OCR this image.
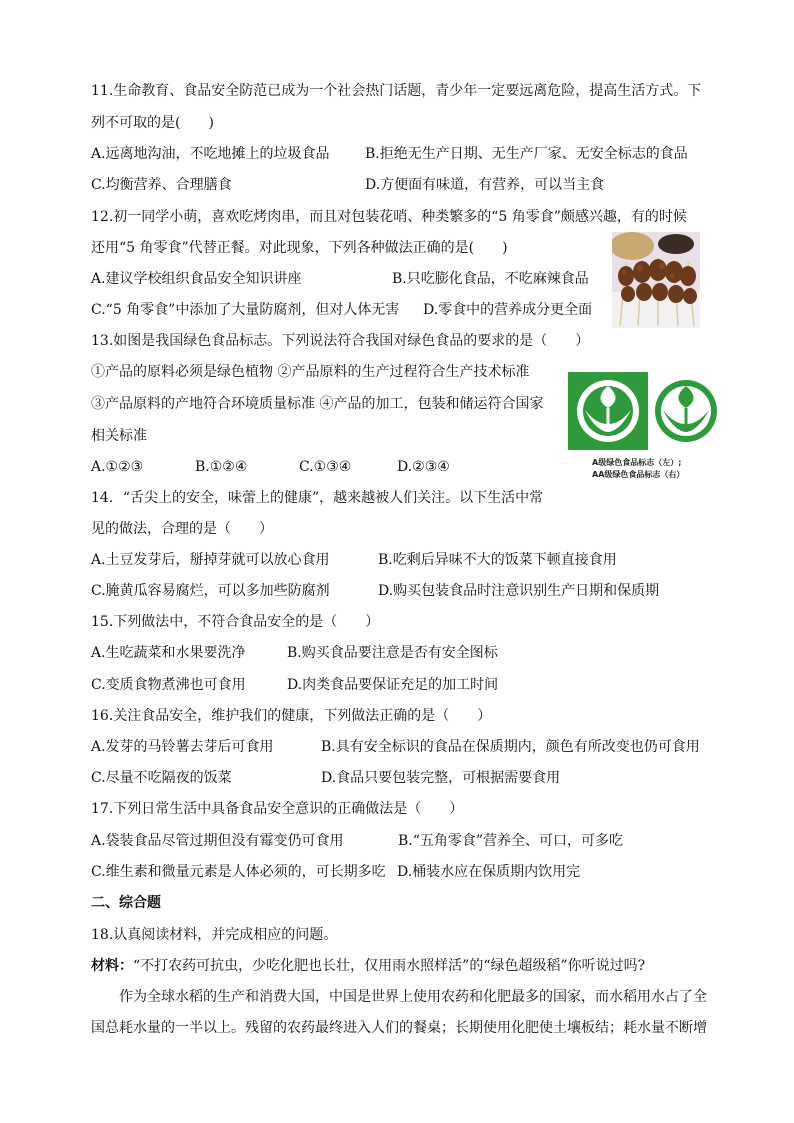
11.生命教育、食品安全防范已成为一个社会热门话题，青少年一定要远离危险，提高生活方式。下
列不可取的是(　　)
A.远离地沟油，不吃地摊上的垃圾食品	B.拒绝无生产日期、无生产厂家、无安全标志的食品
C.均衡营养、合理膳食	D.方便面有味道，有营养，可以当主食
12.初一同学小萌，喜欢吃烤肉串，而且对包装花哨、种类繁多的“5 角零食”颇感兴趣，有的时候
还用“5 角零食”代替正餐。对此现象，下列各种做法正确的是(　　)
A.建议学校组织食品安全知识讲座	B.只吃膨化食品，不吃麻辣食品
C.“5 角零食”中添加了大量防腐剂，但对人体无害 D.零食中的营养成分更全面
13.如图是我国绿色食品标志。下列说法符合我国对绿色食品的要求的是（　　）
①产品的原料必须是绿色植物 ②产品原料的生产过程符合生产技术标准
③产品原料的产地符合环境质量标准 ④产品的加工，包装和储运符合国家
相关标准
A.①②③	B.①②④	C.①③④	D.②③④	A级绿色食品标志（左）;
AA级绿色食品标志（右）
14．“舌尖上的安全，味蕾上的健康”，越来越被人们关注。以下生活中常
见的做法，合理的是（　　）
A.土豆发芽后，掰掉芽就可以放心食用	B.吃剩后异味不大的饭菜下顿直接食用
C.腌黄瓜容易腐烂，可以多加些防腐剂	D.购买包装食品时注意识别生产日期和保质期
15.下列做法中，不符合食品安全的是（　　）
A.生吃蔬菜和水果要洗净	B.购买食品要注意是否有安全图标
C.变质食物煮沸也可食用	D.肉类食品要保证充足的加工时间
16.关注食品安全，维护我们的健康，下列做法正确的是（　　）
A.发芽的马铃薯去芽后可食用	B.具有安全标识的食品在保质期内，颜色有所改变也仍可食用
C.尽量不吃隔夜的饭菜	D.食品只要包装完整，可根据需要食用
17.下列日常生活中具备食品安全意识的正确做法是（　　）
A.袋装食品尽管过期但没有霉变仍可食用	B.“五角零食”营养全、可口，可多吃
C.维生素和微量元素是人体必须的，可长期多吃 D.桶装水应在保质期内饮用完
二、综合题
18.认真阅读材料，并完成相应的问题。
材料：“不打农药可抗虫，少吃化肥也长壮，仅用雨水照样活”的“绿色超级稻”你听说过吗?
作为全球水稻的生产和消费大国，中国是世界上使用农药和化肥最多的国家，而水稻用水占了全
国总耗水量的一半以上。残留的农药最终进入人们的餐桌；长期使用化肥使土壤板结；耗水量不断增
